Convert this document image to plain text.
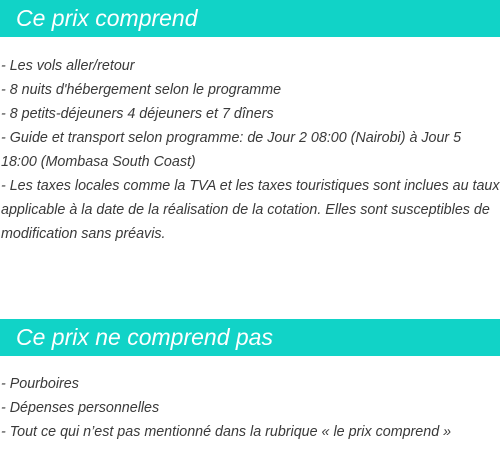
Ce prix comprend
- Les vols aller/retour
- 8 nuits d'hébergement selon le programme
- 8 petits-déjeuners 4 déjeuners et 7 dîners
- Guide et transport selon programme: de Jour 2 08:00 (Nairobi) à Jour 5 18:00 (Mombasa South Coast)
- Les taxes locales comme la TVA et les taxes touristiques sont inclues au taux applicable à la date de la réalisation de la cotation. Elles sont susceptibles de modification sans préavis.
Ce prix ne comprend pas
- Pourboires
- Dépenses personnelles
- Tout ce qui n’est pas mentionné dans la rubrique « le prix comprend »
